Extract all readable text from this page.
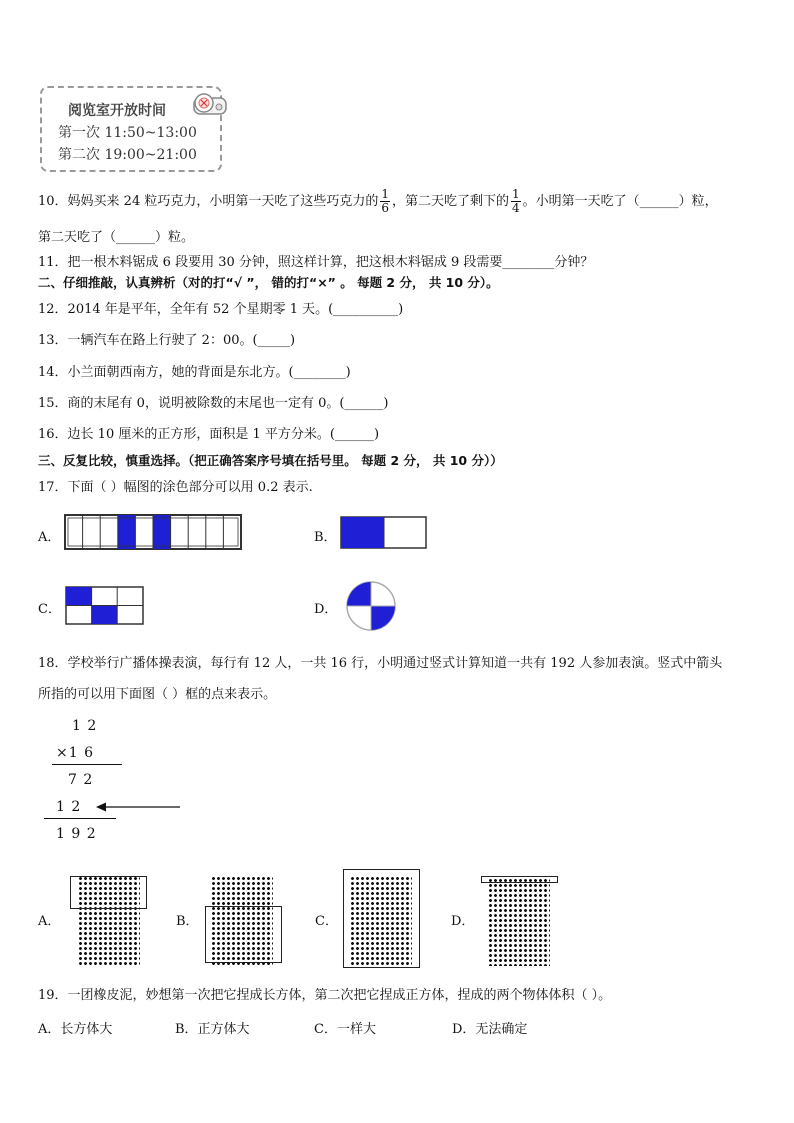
阅览室开放时间
第一次 11:50~13:00
第二次 19:00~21:00
10．妈妈买来 24 粒巧克力，小明第一天吃了这些巧克力的 $\frac{1}{6}$ ，第二天吃了剩下的 $\frac{1}{4}$ 。小明第一天吃了（______）粒，
第二天吃了（______）粒。
11．把一根木料锯成 6 段要用 30 分钟，照这样计算，把这根木料锯成 9 段需要________分钟？
二、仔细推敲，认真辨析（对的打“√ ”， 错的打“×” 。 每题 2 分， 共 10 分）。
12．2014 年是平年，全年有 52 个星期零 1 天。(__________)
13．一辆汽车在路上行驶了 2：00。(_____)
14．小兰面朝西南方，她的背面是东北方。(________)
15．商的末尾有 0，说明被除数的末尾也一定有 0。(______)
16．边长 10 厘米的正方形，面积是 1 平方分米。(______)
三、反复比较，慎重选择。（把正确答案序号填在括号里。 每题 2 分， 共 10 分））
17．下面（ ）幅图的涂色部分可以用 0.2 表示.
A．	B．
C．	D．
18．学校举行广播体操表演，每行有 12 人，一共 16 行，小明通过竖式计算知道一共有 192 人参加表演。竖式中箭头
所指的可以用下面图（ ）框的点来表示。
1 2
×1 6
7 2
1 2
1 9 2
A．	B．	C．	D．
19．一团橡皮泥，妙想第一次把它捏成长方体，第二次把它捏成正方体，捏成的两个物体体积（ ）。
A．长方体大	B．正方体大	C．一样大	D．无法确定
